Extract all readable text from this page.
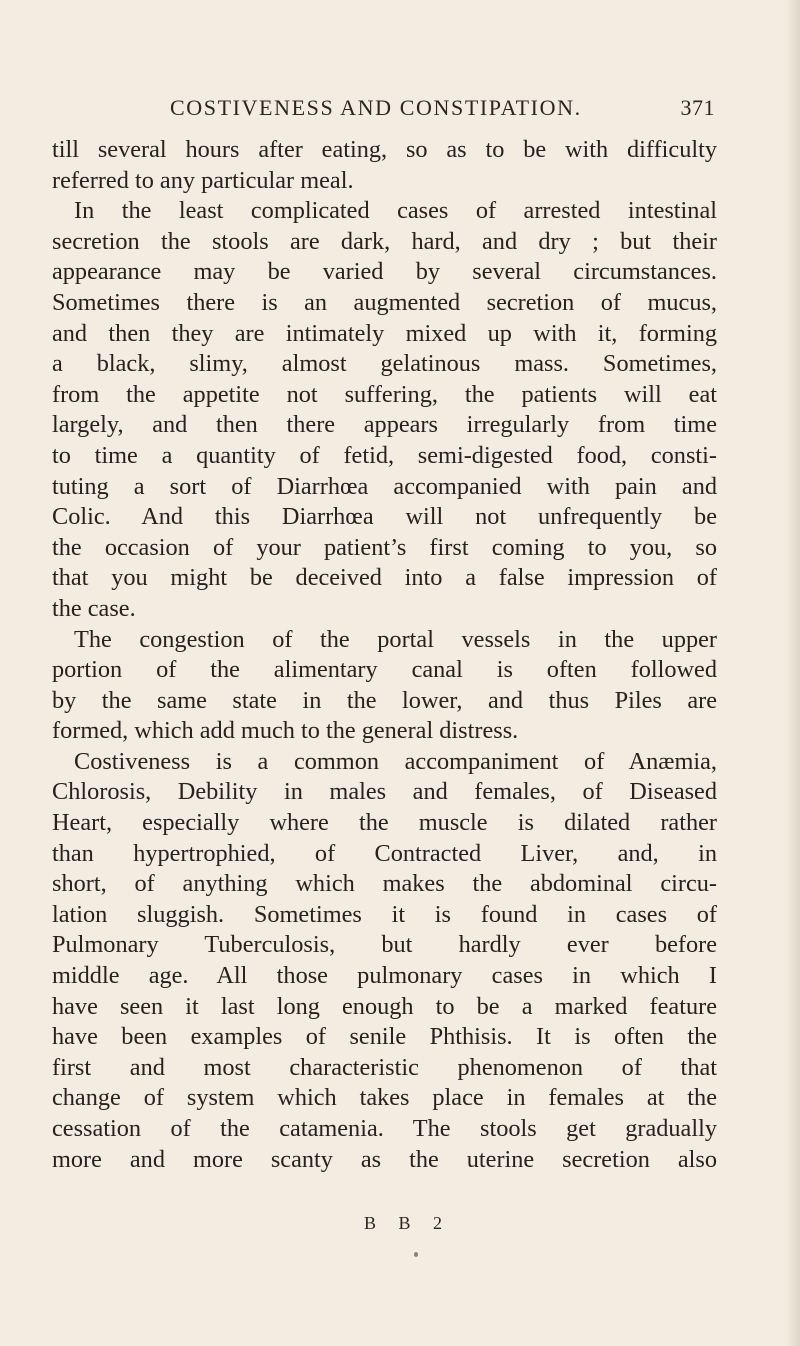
COSTIVENESS AND CONSTIPATION.	371
till several hours after eating, so as to be with difficulty
referred to any particular meal.
In the least complicated cases of arrested intestinal
secretion the stools are dark, hard, and dry ; but their
appearance may be varied by several circumstances.
Sometimes there is an augmented secretion of mucus,
and then they are intimately mixed up with it, forming
a black, slimy, almost gelatinous mass. Sometimes,
from the appetite not suffering, the patients will eat
largely, and then there appears irregularly from time
to time a quantity of fetid, semi-digested food, consti-
tuting a sort of Diarrhœa accompanied with pain and
Colic. And this Diarrhœa will not unfrequently be
the occasion of your patient’s first coming to you, so
that you might be deceived into a false impression of
the case.
The congestion of the portal vessels in the upper
portion of the alimentary canal is often followed
by the same state in the lower, and thus Piles are
formed, which add much to the general distress.
Costiveness is a common accompaniment of Anæmia,
Chlorosis, Debility in males and females, of Diseased
Heart, especially where the muscle is dilated rather
than hypertrophied, of Contracted Liver, and, in
short, of anything which makes the abdominal circu-
lation sluggish. Sometimes it is found in cases of
Pulmonary Tuberculosis, but hardly ever before
middle age. All those pulmonary cases in which I
have seen it last long enough to be a marked feature
have been examples of senile Phthisis. It is often the
first and most characteristic phenomenon of that
change of system which takes place in females at the
cessation of the catamenia. The stools get gradually
more and more scanty as the uterine secretion also
B B 2
